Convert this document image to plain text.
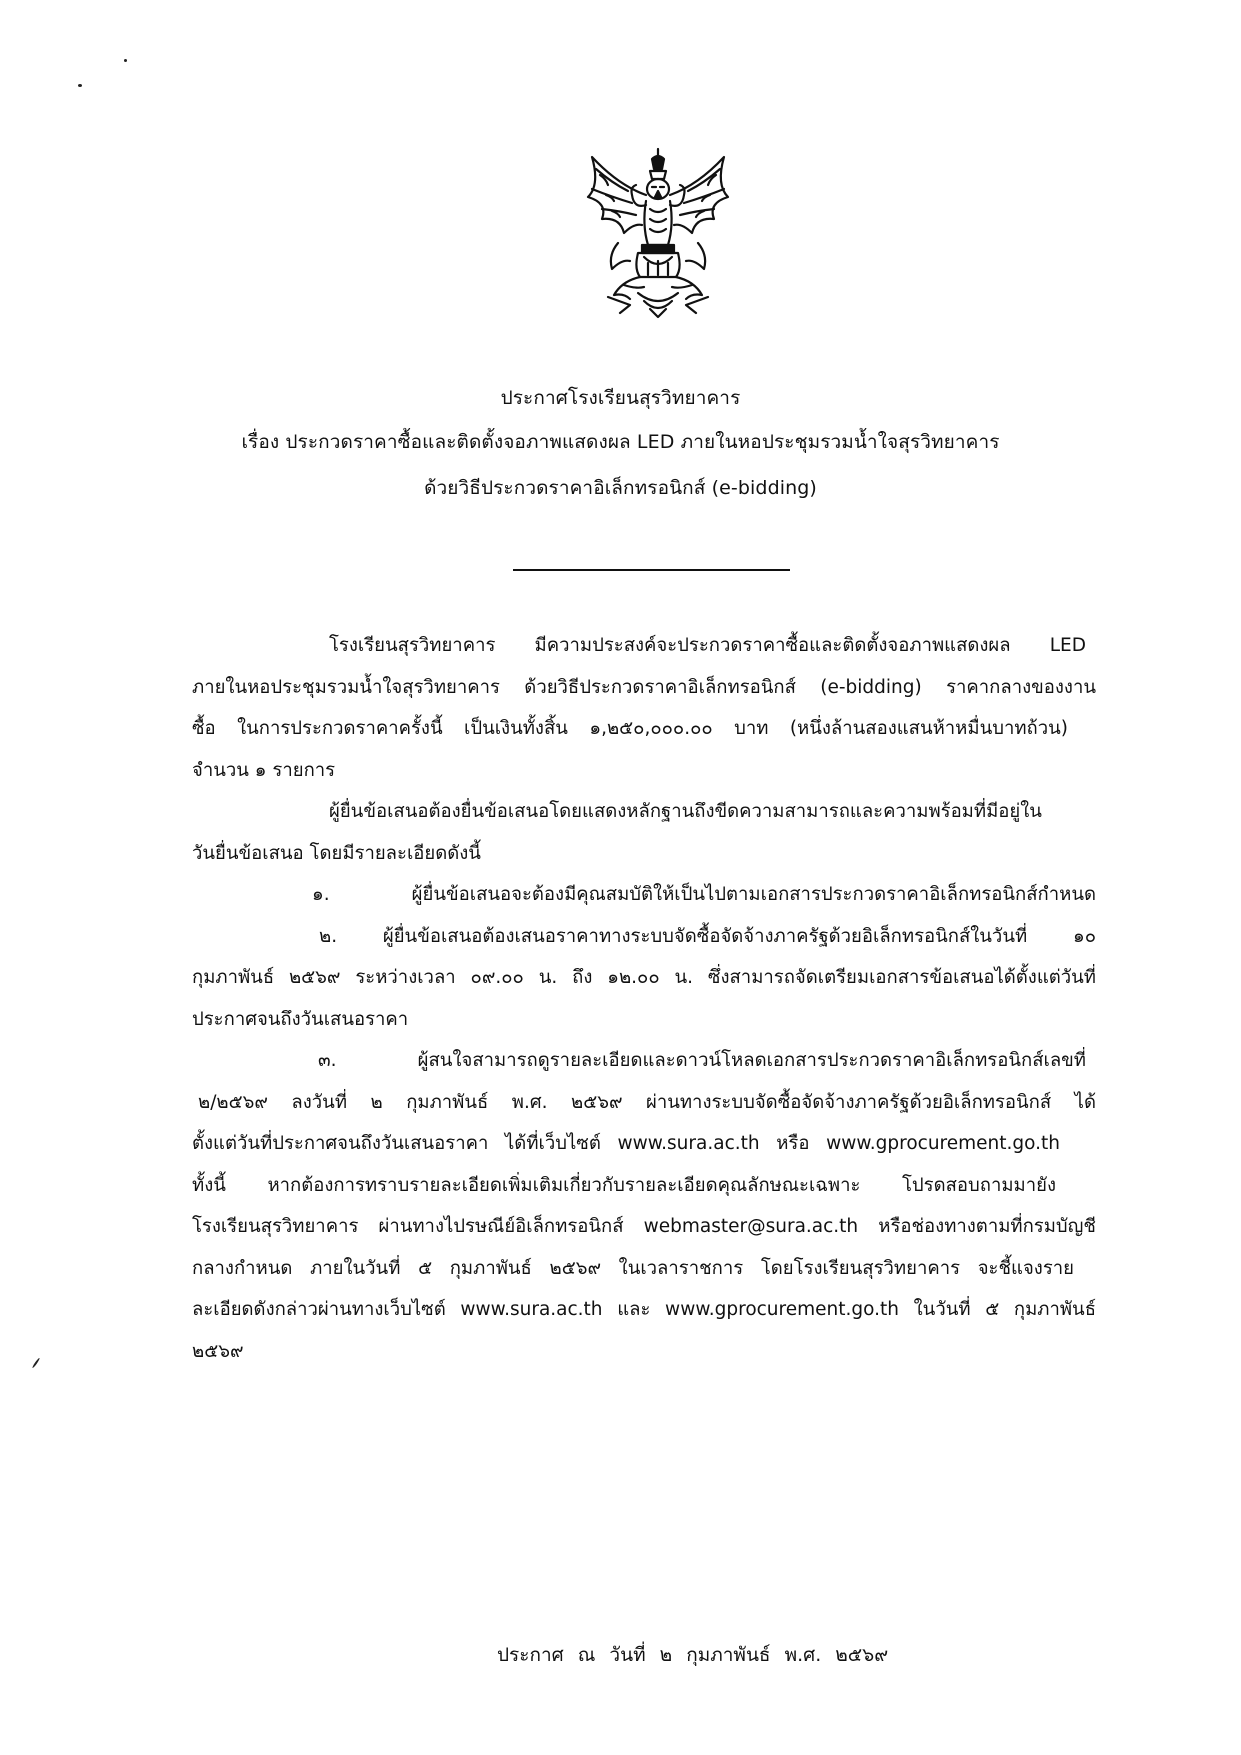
ประกาศโรงเรียนสุรวิทยาคาร
เรื่อง ประกวดราคาซื้อและติดตั้งจอภาพแสดงผล LED ภายในหอประชุมรวมน้ำใจสุรวิทยาคาร
ด้วยวิธีประกวดราคาอิเล็กทรอนิกส์ (e-bidding)
โรงเรียนสุรวิทยาคาร มีความประสงค์จะประกวดราคาซื้อและติดตั้งจอภาพแสดงผล LED
ภายในหอประชุมรวมน้ำใจสุรวิทยาคาร ด้วยวิธีประกวดราคาอิเล็กทรอนิกส์ (e-bidding) ราคากลางของงาน
ซื้อ ในการประกวดราคาครั้งนี้ เป็นเงินทั้งสิ้น ๑,๒๕๐,๐๐๐.๐๐ บาท (หนึ่งล้านสองแสนห้าหมื่นบาทถ้วน)
จำนวน ๑ รายการ
ผู้ยื่นข้อเสนอต้องยื่นข้อเสนอโดยแสดงหลักฐานถึงขีดความสามารถและความพร้อมที่มีอยู่ใน
วันยื่นข้อเสนอ โดยมีรายละเอียดดังนี้
๑. ผู้ยื่นข้อเสนอจะต้องมีคุณสมบัติให้เป็นไปตามเอกสารประกวดราคาอิเล็กทรอนิกส์กำหนด
๒. ผู้ยื่นข้อเสนอต้องเสนอราคาทางระบบจัดซื้อจัดจ้างภาครัฐด้วยอิเล็กทรอนิกส์ในวันที่ ๑๐
กุมภาพันธ์ ๒๕๖๙ ระหว่างเวลา ๐๙.๐๐ น. ถึง ๑๒.๐๐ น. ซึ่งสามารถจัดเตรียมเอกสารข้อเสนอได้ตั้งแต่วันที่
ประกาศจนถึงวันเสนอราคา
๓. ผู้สนใจสามารถดูรายละเอียดและดาวน์โหลดเอกสารประกวดราคาอิเล็กทรอนิกส์เลขที่
๒/๒๕๖๙ ลงวันที่ ๒ กุมภาพันธ์ พ.ศ. ๒๕๖๙ ผ่านทางระบบจัดซื้อจัดจ้างภาครัฐด้วยอิเล็กทรอนิกส์ ได้
ตั้งแต่วันที่ประกาศจนถึงวันเสนอราคา ได้ที่เว็บไซต์ www.sura.ac.th หรือ www.gprocurement.go.th
ทั้งนี้ หากต้องการทราบรายละเอียดเพิ่มเติมเกี่ยวกับรายละเอียดคุณลักษณะเฉพาะ โปรดสอบถามมายัง
โรงเรียนสุรวิทยาคาร ผ่านทางไปรษณีย์อิเล็กทรอนิกส์ webmaster@sura.ac.th หรือช่องทางตามที่กรมบัญชี
กลางกำหนด ภายในวันที่ ๕ กุมภาพันธ์ ๒๕๖๙ ในเวลาราชการ โดยโรงเรียนสุรวิทยาคาร จะชี้แจงราย
ละเอียดดังกล่าวผ่านทางเว็บไซต์ www.sura.ac.th และ www.gprocurement.go.th ในวันที่ ๕ กุมภาพันธ์
๒๕๖๙
ประกาศ ณ วันที่ ๒ กุมภาพันธ์ พ.ศ. ๒๕๖๙
